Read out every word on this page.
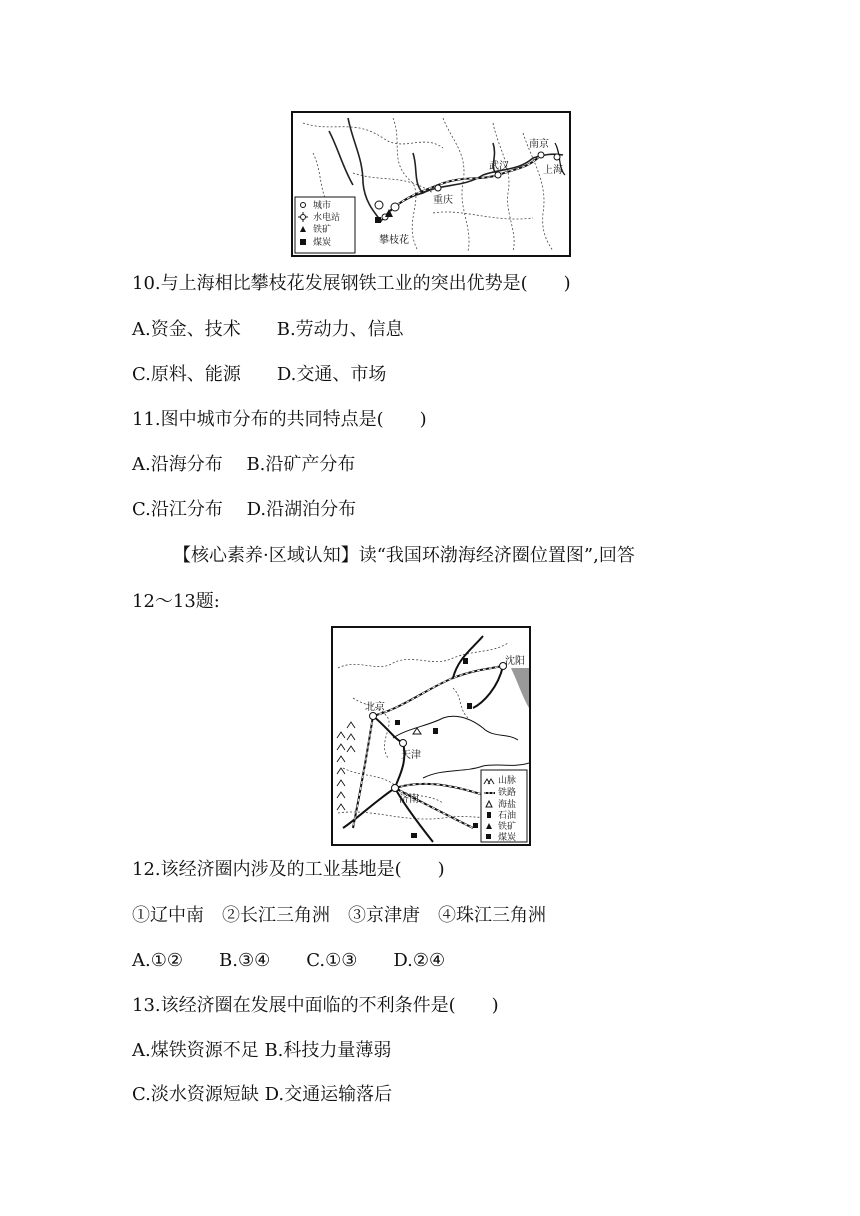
南京
上海
武汉
重庆
攀枝花
城市
水电站
铁矿
煤炭
10.与上海相比攀枝花发展钢铁工业的突出优势是(　　)
A.资金、技术　　B.劳动力、信息
C.原料、能源　　D.交通、市场
11.图中城市分布的共同特点是(　　)
A.沿海分布　 B.沿矿产分布
C.沿江分布　 D.沿湖泊分布
【核心素养·区域认知】读“我国环渤海经济圈位置图”,回答
12～13题:
沈阳
北京
天津
济南
山脉
铁路
海盐
石油
铁矿
煤炭
12.该经济圈内涉及的工业基地是(　　)
①辽中南　②长江三角洲　③京津唐　④珠江三角洲
A.①②　　B.③④　　C.①③　　D.②④
13.该经济圈在发展中面临的不利条件是(　　)
A.煤铁资源不足 B.科技力量薄弱
C.淡水资源短缺 D.交通运输落后
